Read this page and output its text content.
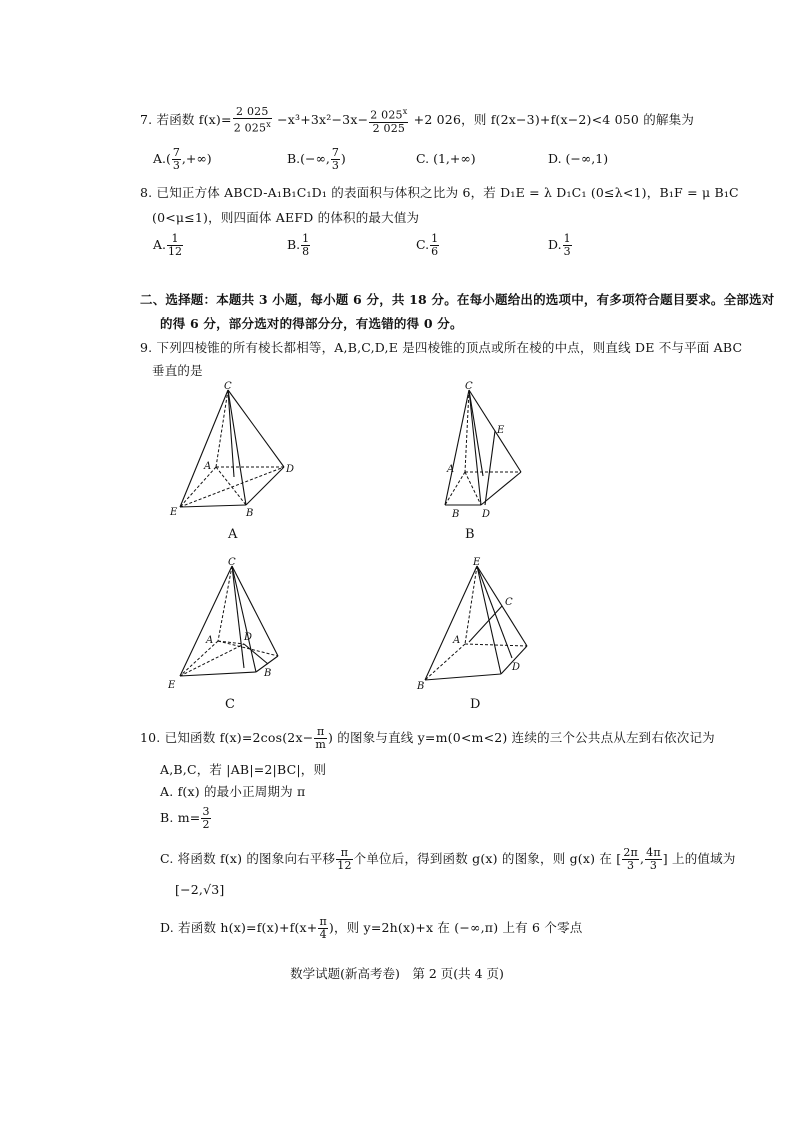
7. 若函数 $f(x)= \frac{2 025}{2 025^x} -x^3+3x^2-3x- \frac{2 025^x}{2 025} +2$ 026，则 f(2x−3)+f(x−2)<4 050 的解集为
$A.( \frac{7}{3}$ ,+∞)	B.(−∞, $\frac{7}{3}$ )	C. (1,+∞)	D. (−∞,1)
8. 已知正方体 ABCD-A₁B₁C₁D₁ 的表面积与体积之比为 6，若 D₁E = λ D₁C₁ (0≤λ<1)，B₁F = μ B₁C
(0<μ≤1)，则四面体 AEFD 的体积的最大值为
A. $\frac{1}{12}$	B. $\frac{1}{8}$	C. $\frac{1}{6}$	D. $\frac{1}{3}$
二、选择题：本题共 3 小题，每小题 6 分，共 18 分。在每小题给出的选项中，有多项符合题目要求。全部选对
的得 6 分，部分选对的得部分分，有选错的得 0 分。
9. 下列四棱锥的所有棱长都相等，A,B,C,D,E 是四棱锥的顶点或所在棱的中点，则直线 DE 不与平面 ABC
垂直的是
C
A	D
E	B
A
C
E
A
B D
B
C
A	D
E
B
C
E
C
A
D
B
D
10. 已知函数 $f(x)=2\cos(2x- \frac{\pi}{m}$ ) 的图象与直线 y=m(0<m<2) 连续的三个公共点从左到右依次记为
A,B,C，若 |AB|=2|BC|，则
A. f(x) 的最小正周期为 π
B. $m= \frac{3}{2}$
C. 将函数 f(x) 的图象向右平移 $\frac{\pi}{12}$ 个单位后，得到函数 g(x) 的图象，则 g(x) 在 [ $\frac{2\pi}{3}$ , $\frac{4\pi}{3}$ ] 上的值域为
[−2,√3]
D. 若函数 $h(x)=f(x)+f(x+ \frac{\pi}{4}$ )，则 y=2h(x)+x 在 (−∞,π) 上有 6 个零点
数学试题(新高考卷)　第 2 页(共 4 页)
